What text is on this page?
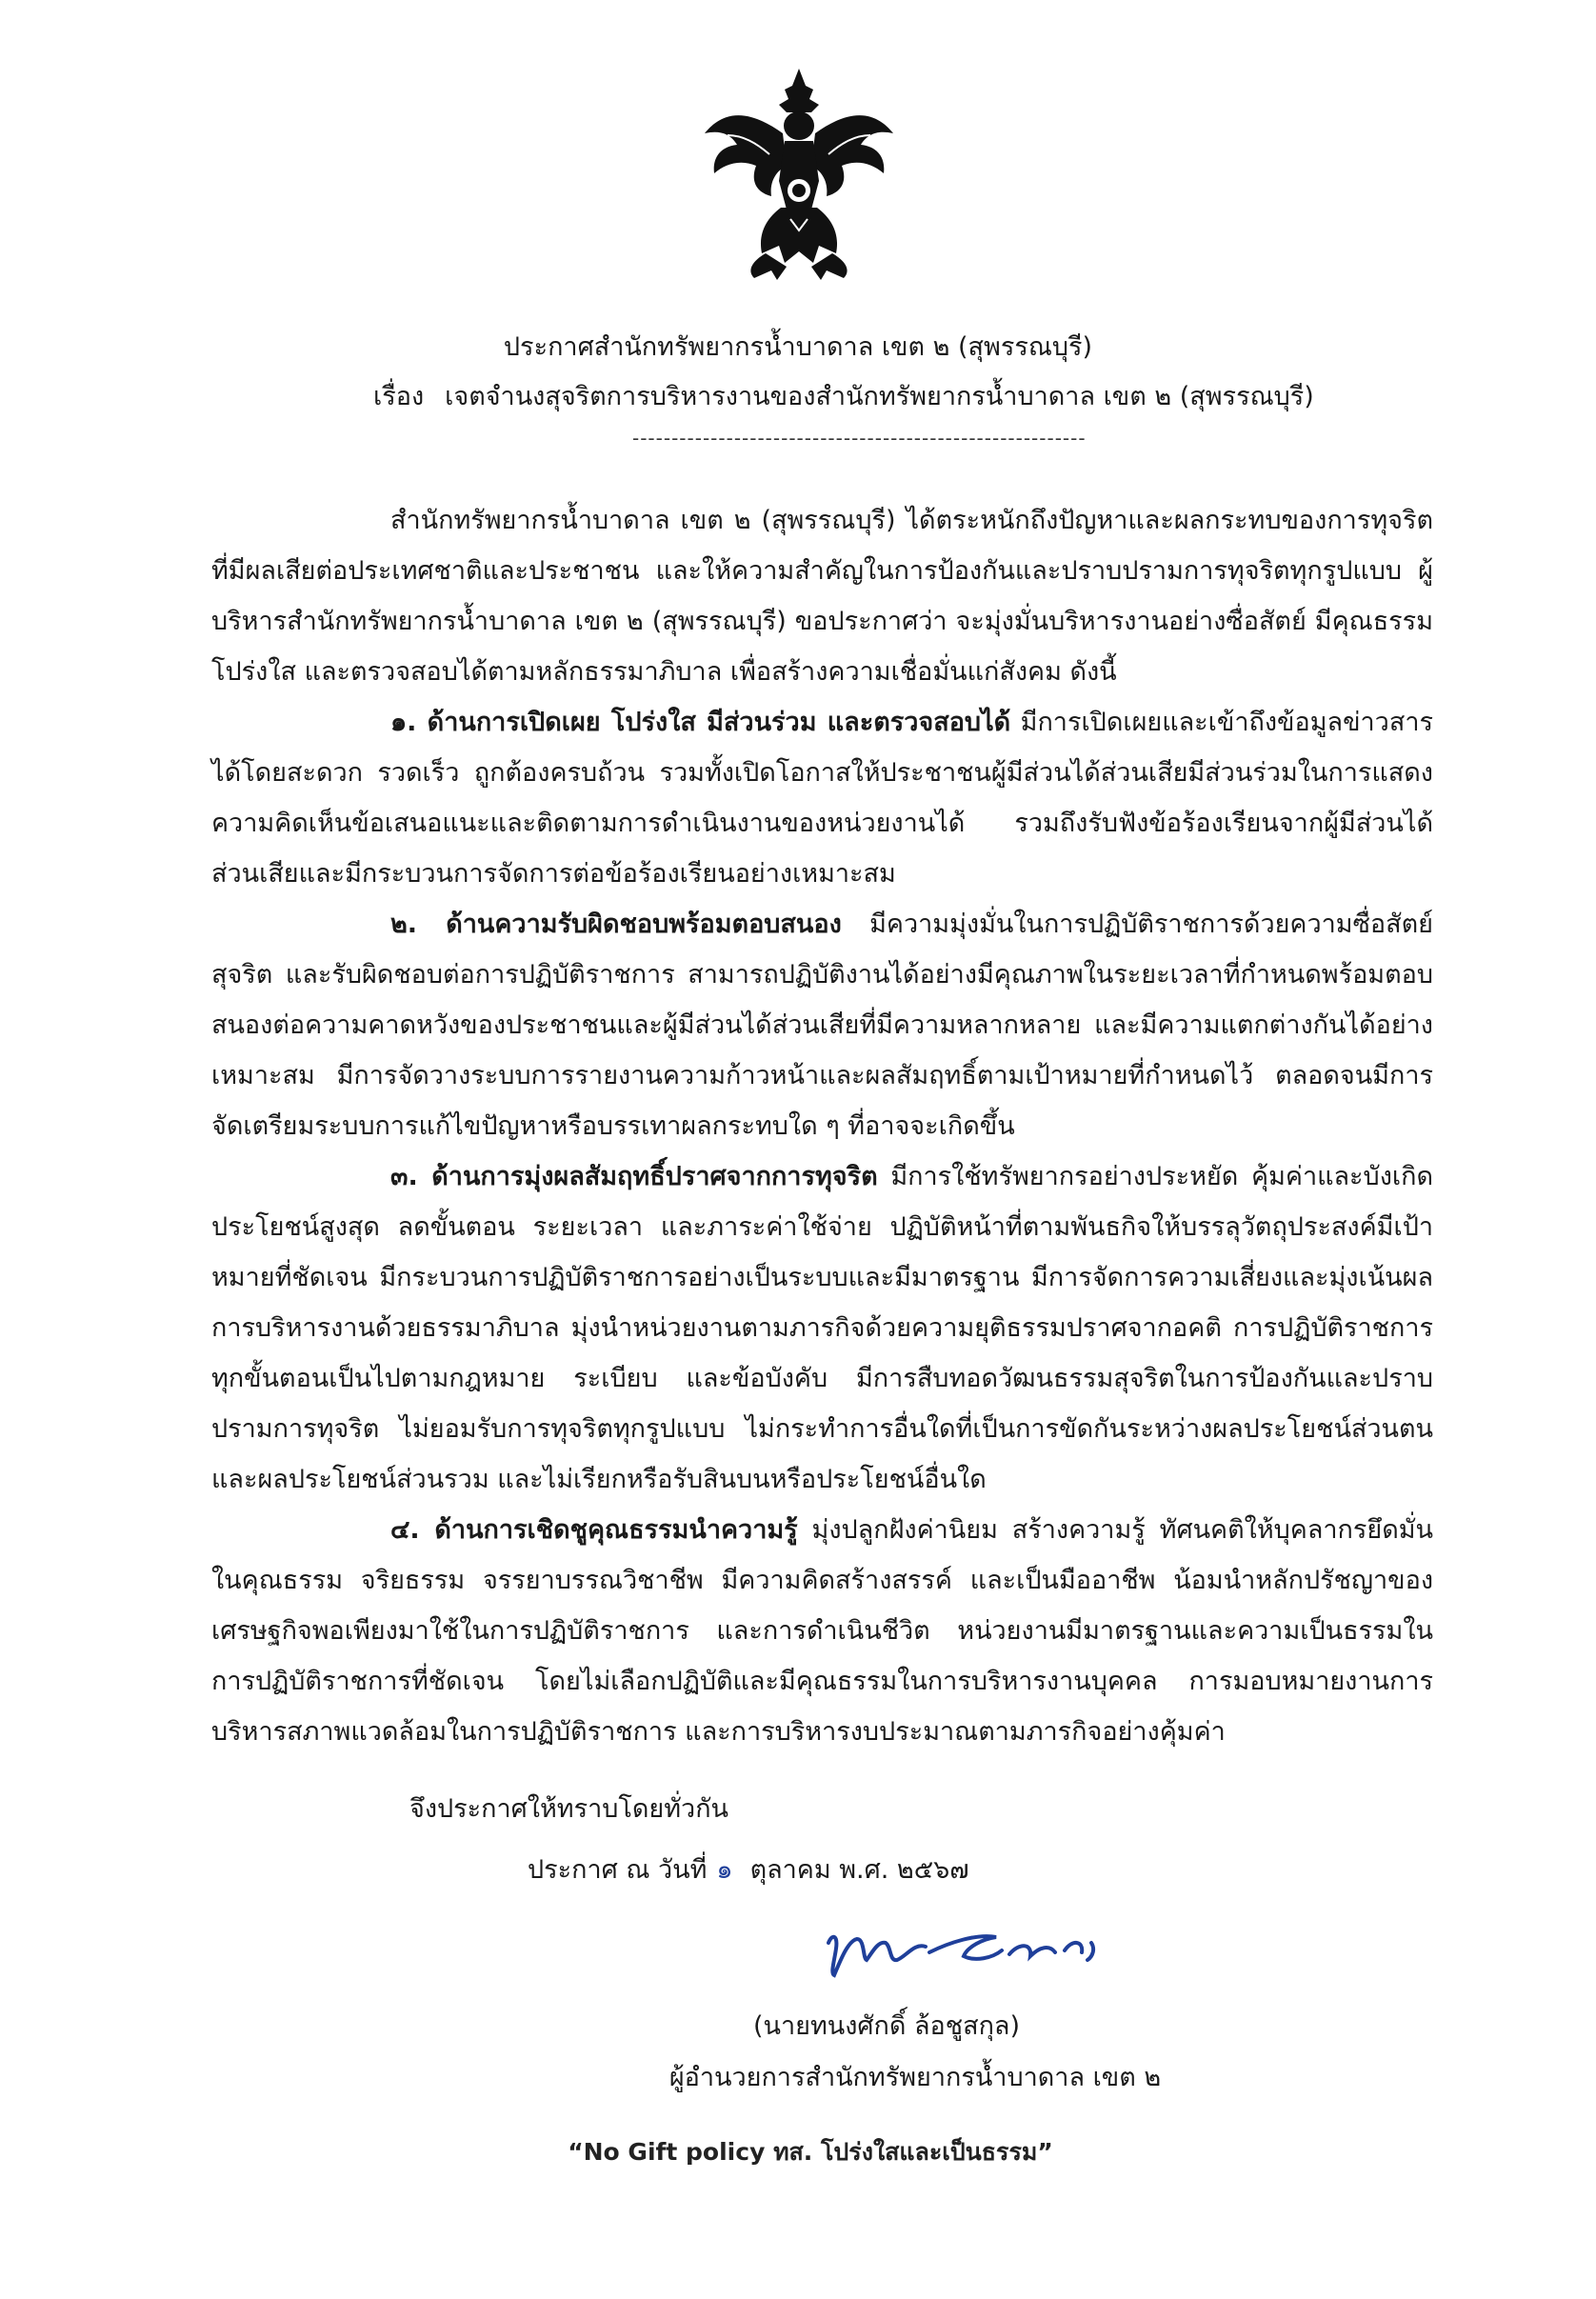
ประกาศสำนักทรัพยากรน้ำบาดาล เขต ๒ (สุพรรณบุรี)
เรื่อง เจตจำนงสุจริตการบริหารงานของสำนักทรัพยากรน้ำบาดาล เขต ๒ (สุพรรณบุรี)
----------------------------------------------------------

สำนักทรัพยากรน้ำบาดาล เขต ๒ (สุพรรณบุรี) ได้ตระหนักถึงปัญหาและผลกระทบของการทุจริตที่มีผลเสียต่อประเทศชาติและประชาชน และให้ความสำคัญในการป้องกันและปราบปรามการทุจริตทุกรูปแบบ ผู้บริหารสำนักทรัพยากรน้ำบาดาล เขต ๒ (สุพรรณบุรี) ขอประกาศว่า จะมุ่งมั่นบริหารงานอย่างซื่อสัตย์ มีคุณธรรม โปร่งใส และตรวจสอบได้ตามหลักธรรมาภิบาล เพื่อสร้างความเชื่อมั่นแก่สังคม ดังนี้

๑. ด้านการเปิดเผย โปร่งใส มีส่วนร่วม และตรวจสอบได้ มีการเปิดเผยและเข้าถึงข้อมูลข่าวสารได้โดยสะดวก รวดเร็ว ถูกต้องครบถ้วน รวมทั้งเปิดโอกาสให้ประชาชนผู้มีส่วนได้ส่วนเสียมีส่วนร่วมในการแสดงความคิดเห็นข้อเสนอแนะและติดตามการดำเนินงานของหน่วยงานได้ รวมถึงรับฟังข้อร้องเรียนจากผู้มีส่วนได้ส่วนเสียและมีกระบวนการจัดการต่อข้อร้องเรียนอย่างเหมาะสม

๒. ด้านความรับผิดชอบพร้อมตอบสนอง มีความมุ่งมั่นในการปฏิบัติราชการด้วยความซื่อสัตย์สุจริต และรับผิดชอบต่อการปฏิบัติราชการ สามารถปฏิบัติงานได้อย่างมีคุณภาพในระยะเวลาที่กำหนดพร้อมตอบสนองต่อความคาดหวังของประชาชนและผู้มีส่วนได้ส่วนเสียที่มีความหลากหลาย และมีความแตกต่างกันได้อย่างเหมาะสม มีการจัดวางระบบการรายงานความก้าวหน้าและผลสัมฤทธิ์ตามเป้าหมายที่กำหนดไว้ ตลอดจนมีการจัดเตรียมระบบการแก้ไขปัญหาหรือบรรเทาผลกระทบใด ๆ ที่อาจจะเกิดขึ้น

๓. ด้านการมุ่งผลสัมฤทธิ์ปราศจากการทุจริต มีการใช้ทรัพยากรอย่างประหยัด คุ้มค่าและบังเกิดประโยชน์สูงสุด ลดขั้นตอน ระยะเวลา และภาระค่าใช้จ่าย ปฏิบัติหน้าที่ตามพันธกิจให้บรรลุวัตถุประสงค์มีเป้าหมายที่ชัดเจน มีกระบวนการปฏิบัติราชการอย่างเป็นระบบและมีมาตรฐาน มีการจัดการความเสี่ยงและมุ่งเน้นผลการบริหารงานด้วยธรรมาภิบาล มุ่งนำหน่วยงานตามภารกิจด้วยความยุติธรรมปราศจากอคติ การปฏิบัติราชการทุกขั้นตอนเป็นไปตามกฎหมาย ระเบียบ และข้อบังคับ มีการสืบทอดวัฒนธรรมสุจริตในการป้องกันและปราบปรามการทุจริต ไม่ยอมรับการทุจริตทุกรูปแบบ ไม่กระทำการอื่นใดที่เป็นการขัดกันระหว่างผลประโยชน์ส่วนตนและผลประโยชน์ส่วนรวม และไม่เรียกหรือรับสินบนหรือประโยชน์อื่นใด

๔. ด้านการเชิดชูคุณธรรมนำความรู้ มุ่งปลูกฝังค่านิยม สร้างความรู้ ทัศนคติให้บุคลากรยึดมั่นในคุณธรรม จริยธรรม จรรยาบรรณวิชาชีพ มีความคิดสร้างสรรค์ และเป็นมืออาชีพ น้อมนำหลักปรัชญาของเศรษฐกิจพอเพียงมาใช้ในการปฏิบัติราชการ และการดำเนินชีวิต หน่วยงานมีมาตรฐานและความเป็นธรรมในการปฏิบัติราชการที่ชัดเจน โดยไม่เลือกปฏิบัติและมีคุณธรรมในการบริหารงานบุคคล การมอบหมายงานการบริหารสภาพแวดล้อมในการปฏิบัติราชการ และการบริหารงบประมาณตามภารกิจอย่างคุ้มค่า

จึงประกาศให้ทราบโดยทั่วกัน
ประกาศ ณ วันที่ ๑ ตุลาคม พ.ศ. ๒๕๖๗
(นายทนงศักดิ์ ล้อชูสกุล)
ผู้อำนวยการสำนักทรัพยากรน้ำบาดาล เขต ๒
“No Gift policy ทส. โปร่งใสและเป็นธรรม”
